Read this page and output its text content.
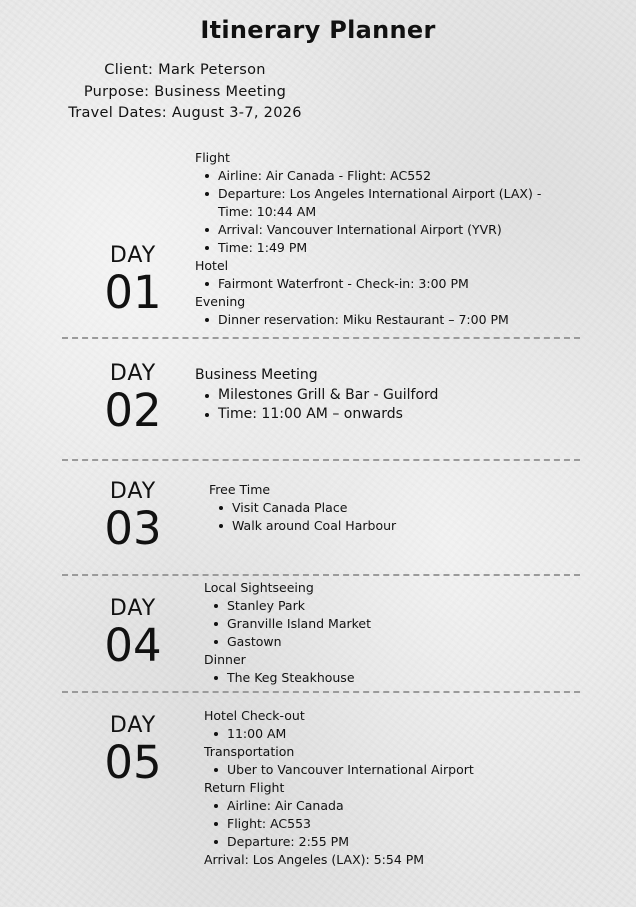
Itinerary Planner
Client: Mark Peterson
Purpose: Business Meeting
Travel Dates: August 3-7, 2026
DAY
01
Flight
Airline: Air Canada - Flight: AC552
Departure: Los Angeles International Airport (LAX) - Time: 10:44 AM
Arrival: Vancouver International Airport (YVR)
Time: 1:49 PM
Hotel
Fairmont Waterfront - Check-in: 3:00 PM
Evening
Dinner reservation: Miku Restaurant – 7:00 PM
DAY
02
Business Meeting
Milestones Grill & Bar - Guilford
Time: 11:00 AM – onwards
DAY
03
Free Time
Visit Canada Place
Walk around Coal Harbour
DAY
04
Local Sightseeing
Stanley Park
Granville Island Market
Gastown
Dinner
The Keg Steakhouse
DAY
05
Hotel Check-out
11:00 AM
Transportation
Uber to Vancouver International Airport
Return Flight
Airline: Air Canada
Flight: AC553
Departure: 2:55 PM
Arrival: Los Angeles (LAX): 5:54 PM
